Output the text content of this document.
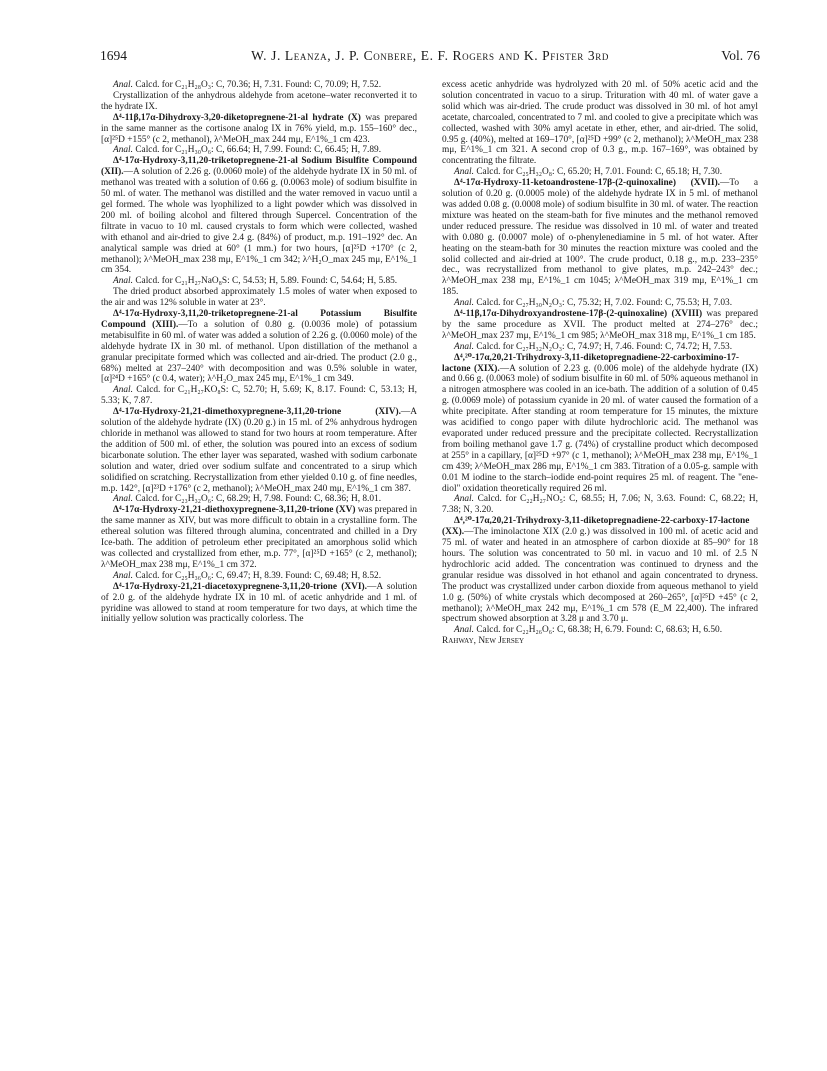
1694	W. J. Leanza, J. P. Conbere, E. F. Rogers and K. Pfister 3rd	Vol. 76

Anal. Calcd. for C₂₁H₂₈O₃: C, 70.36; H, 7.31. Found: C, 70.09; H, 7.52.

Crystallization of the anhydrous aldehyde from acetone–water reconverted it to the hydrate IX.

Δ⁴-11β,17α-Dihydroxy-3,20-diketopregnene-21-al hydrate (X) was prepared in the same manner as the cortisone analog IX in 76% yield, m.p. 155–160° dec., [α]²⁵D +155° (c 2, methanol), λ^MeOH_max 244 mμ, E^1%_1 cm 423.

Anal. Calcd. for C₂₁H₃₀O₆: C, 66.64; H, 7.99. Found: C, 66.45; H, 7.89.

Δ⁴-17α-Hydroxy-3,11,20-triketopregnene-21-al Sodium Bisulfite Compound (XII).—A solution of 2.26 g. (0.0060 mole) of the aldehyde hydrate IX in 50 ml. of methanol was treated with a solution of 0.66 g. (0.0063 mole) of sodium bisulfite in 50 ml. of water. The methanol was distilled and the water removed in vacuo until a gel formed. The whole was lyophilized to a light powder which was dissolved in 200 ml. of boiling alcohol and filtered through Supercel. Concentration of the filtrate in vacuo to 10 ml. caused crystals to form which were collected, washed with ethanol and air-dried to give 2.4 g. (84%) of product, m.p. 191–192° dec. An analytical sample was dried at 60° (1 mm.) for two hours, [α]²⁵D +170° (c 2, methanol); λ^MeOH_max 238 mμ, E^1%_1 cm 342; λ^H₂O_max 245 mμ, E^1%_1 cm 354.

Anal. Calcd. for C₂₁H₂₇NaO₈S: C, 54.53; H, 5.89. Found: C, 54.64; H, 5.85.

The dried product absorbed approximately 1.5 moles of water when exposed to the air and was 12% soluble in water at 23°.

Δ⁴-17α-Hydroxy-3,11,20-triketopregnene-21-al Potassium Bisulfite Compound (XIII).—To a solution of 0.80 g. (0.0036 mole) of potassium metabisulfite in 60 ml. of water was added a solution of 2.26 g. (0.0060 mole) of the aldehyde hydrate IX in 30 ml. of methanol. Upon distillation of the methanol a granular precipitate formed which was collected and air-dried. The product (2.0 g., 68%) melted at 237–240° with decomposition and was 0.5% soluble in water, [α]²⁴D +165° (c 0.4, water); λ^H₂O_max 245 mμ, E^1%_1 cm 349.

Anal. Calcd. for C₂₁H₂₇KO₈S: C, 52.70; H, 5.69; K, 8.17. Found: C, 53.13; H, 5.33; K, 7.87.

Δ⁴-17α-Hydroxy-21,21-dimethoxypregnene-3,11,20-trione (XIV).—A solution of the aldehyde hydrate (IX) (0.20 g.) in 15 ml. of 2% anhydrous hydrogen chloride in methanol was allowed to stand for two hours at room temperature. After the addition of 500 ml. of ether, the solution was poured into an excess of sodium bicarbonate solution. The ether layer was separated, washed with sodium carbonate solution and water, dried over sodium sulfate and concentrated to a sirup which solidified on scratching. Recrystallization from ether yielded 0.10 g. of fine needles, m.p. 142°, [α]²³D +176° (c 2, methanol); λ^MeOH_max 240 mμ, E^1%_1 cm 387.

Anal. Calcd. for C₂₃H₃₂O₆: C, 68.29; H, 7.98. Found: C, 68.36; H, 8.01.

Δ⁴-17α-Hydroxy-21,21-diethoxypregnene-3,11,20-trione (XV) was prepared in the same manner as XIV, but was more difficult to obtain in a crystalline form. The ethereal solution was filtered through alumina, concentrated and chilled in a Dry Ice-bath. The addition of petroleum ether precipitated an amorphous solid which was collected and crystallized from ether, m.p. 77°, [α]²⁵D +165° (c 2, methanol); λ^MeOH_max 238 mμ, E^1%_1 cm 372.

Anal. Calcd. for C₂₅H₃₆O₆: C, 69.47; H, 8.39. Found: C, 69.48; H, 8.52.

Δ⁴-17α-Hydroxy-21,21-diacetoxypregnene-3,11,20-trione (XVI).—A solution of 2.0 g. of the aldehyde hydrate IX in 10 ml. of acetic anhydride and 1 ml. of pyridine was allowed to stand at room temperature for two days, at which time the initially yellow solution was practically colorless. The

excess acetic anhydride was hydrolyzed with 20 ml. of 50% acetic acid and the solution concentrated in vacuo to a sirup. Trituration with 40 ml. of water gave a solid which was air-dried. The crude product was dissolved in 30 ml. of hot amyl acetate, charcoaled, concentrated to 7 ml. and cooled to give a precipitate which was collected, washed with 30% amyl acetate in ether, ether, and air-dried. The solid, 0.95 g. (40%), melted at 169–170°, [α]²⁵D +99° (c 2, methanol); λ^MeOH_max 238 mμ, E^1%_1 cm 321. A second crop of 0.3 g., m.p. 167–169°, was obtained by concentrating the filtrate.

Anal. Calcd. for C₂₅H₃₂O₈: C, 65.20; H, 7.01. Found: C, 65.18; H, 7.30.

Δ⁴-17α-Hydroxy-11-ketoandrostene-17β-(2-quinoxaline) (XVII).—To a solution of 0.20 g. (0.0005 mole) of the aldehyde hydrate IX in 5 ml. of methanol was added 0.08 g. (0.0008 mole) of sodium bisulfite in 30 ml. of water. The reaction mixture was heated on the steam-bath for five minutes and the methanol removed under reduced pressure. The residue was dissolved in 10 ml. of water and treated with 0.080 g. (0.0007 mole) of o-phenylenediamine in 5 ml. of hot water. After heating on the steam-bath for 30 minutes the reaction mixture was cooled and the solid collected and air-dried at 100°. The crude product, 0.18 g., m.p. 233–235° dec., was recrystallized from methanol to give plates, m.p. 242–243° dec.; λ^MeOH_max 238 mμ, E^1%_1 cm 1045; λ^MeOH_max 319 mμ, E^1%_1 cm 185.

Anal. Calcd. for C₂₇H₃₀N₂O₃: C, 75.32; H, 7.02. Found: C, 75.53; H, 7.03.

Δ⁴-11β,17α-Dihydroxyandrostene-17β-(2-quinoxaline) (XVIII) was prepared by the same procedure as XVII. The product melted at 274–276° dec.; λ^MeOH_max 237 mμ, E^1%_1 cm 985; λ^MeOH_max 318 mμ, E^1%_1 cm 185.

Anal. Calcd. for C₂₇H₃₂N₂O₃: C, 74.97; H, 7.46. Found: C, 74.72; H, 7.53.

Δ⁴,²⁰-17α,20,21-Trihydroxy-3,11-diketopregnadiene-22-carboximino-17-lactone (XIX).—A solution of 2.23 g. (0.006 mole) of the aldehyde hydrate (IX) and 0.66 g. (0.0063 mole) of sodium bisulfite in 60 ml. of 50% aqueous methanol in a nitrogen atmosphere was cooled in an ice-bath. The addition of a solution of 0.45 g. (0.0069 mole) of potassium cyanide in 20 ml. of water caused the formation of a white precipitate. After standing at room temperature for 15 minutes, the mixture was acidified to congo paper with dilute hydrochloric acid. The methanol was evaporated under reduced pressure and the precipitate collected. Recrystallization from boiling methanol gave 1.7 g. (74%) of crystalline product which decomposed at 255° in a capillary, [α]²⁵D +97° (c 1, methanol); λ^MeOH_max 238 mμ, E^1%_1 cm 439; λ^MeOH_max 286 mμ, E^1%_1 cm 383. Titration of a 0.05-g. sample with 0.01 M iodine to the starch–iodide end-point requires 25 ml. of reagent. The "ene-diol" oxidation theoretically required 26 ml.

Anal. Calcd. for C₂₂H₂₇NO₅: C, 68.55; H, 7.06; N, 3.63. Found: C, 68.22; H, 7.38; N, 3.20.

Δ⁴,²⁰-17α,20,21-Trihydroxy-3,11-diketopregnadiene-22-carboxy-17-lactone (XX).—The iminolactone XIX (2.0 g.) was dissolved in 100 ml. of acetic acid and 75 ml. of water and heated in an atmosphere of carbon dioxide at 85–90° for 18 hours. The solution was concentrated to 50 ml. in vacuo and 10 ml. of 2.5 N hydrochloric acid added. The concentration was continued to dryness and the granular residue was dissolved in hot ethanol and again concentrated to dryness. The product was crystallized under carbon dioxide from aqueous methanol to yield 1.0 g. (50%) of white crystals which decomposed at 260–265°, [α]²⁵D +45° (c 2, methanol); λ^MeOH_max 242 mμ, E^1%_1 cm 578 (E_M 22,400). The infrared spectrum showed absorption at 3.28 μ and 3.70 μ.

Anal. Calcd. for C₂₂H₂₆O₆: C, 68.38; H, 6.79. Found: C, 68.63; H, 6.50.

Rahway, New Jersey
